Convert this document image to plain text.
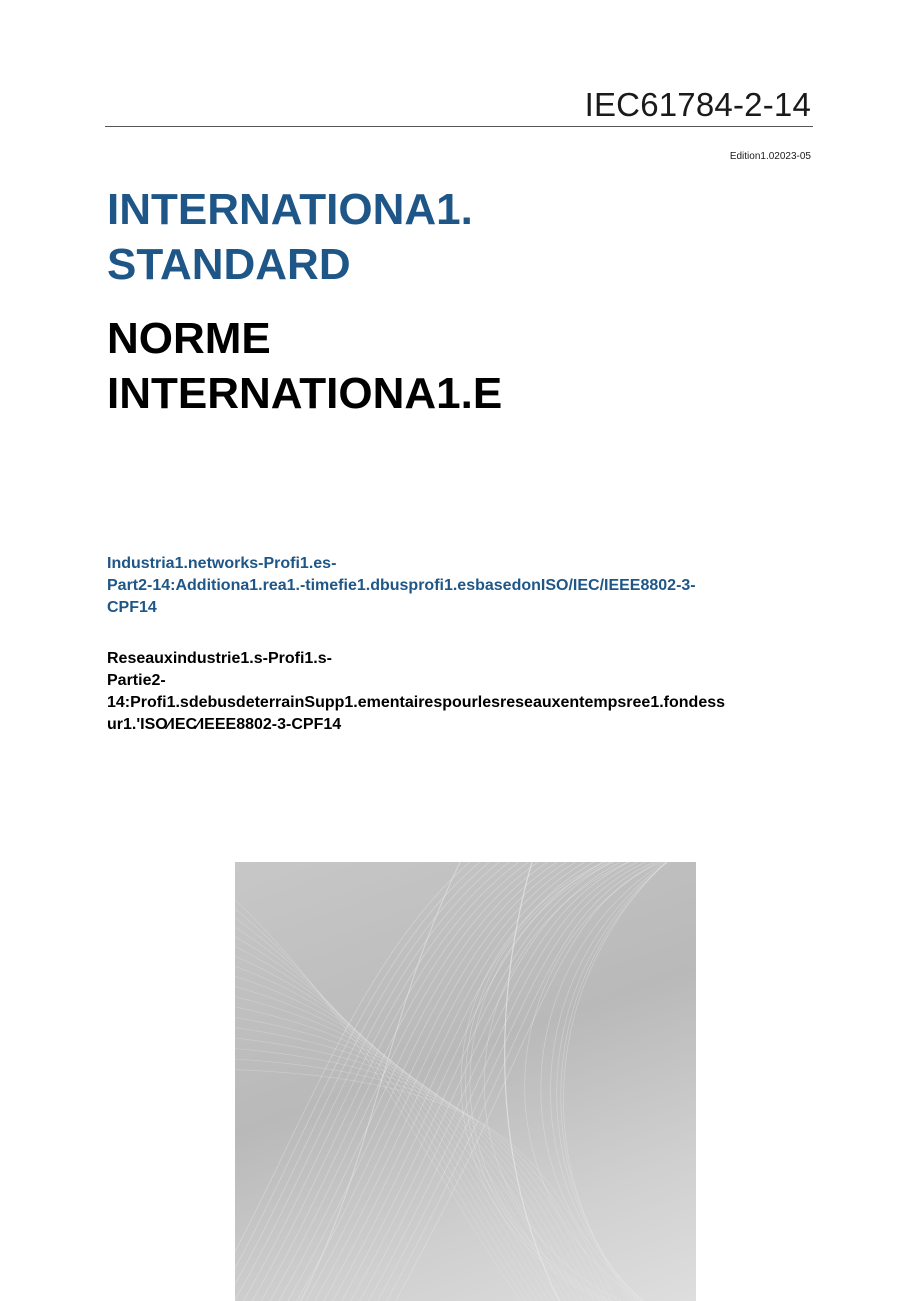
IEC61784-2-14
Edition1.02023-05
INTERNATIONA1.
STANDARD
NORME
INTERNATIONA1.E
Industria1.networks-Profi1.es-
Part2-14:Additiona1.rea1.-timefie1.dbusprofi1.esbasedonISO/IEC/IEEE8802-3-
CPF14
Reseauxindustrie1.s-Profi1.s-
Partie2-
14:Profi1.sdebusdeterrainSupp1.ementairespourlesreseauxentempsree1.fondess
ur1.'ISO⁄IEC⁄IEEE8802-3-CPF14
